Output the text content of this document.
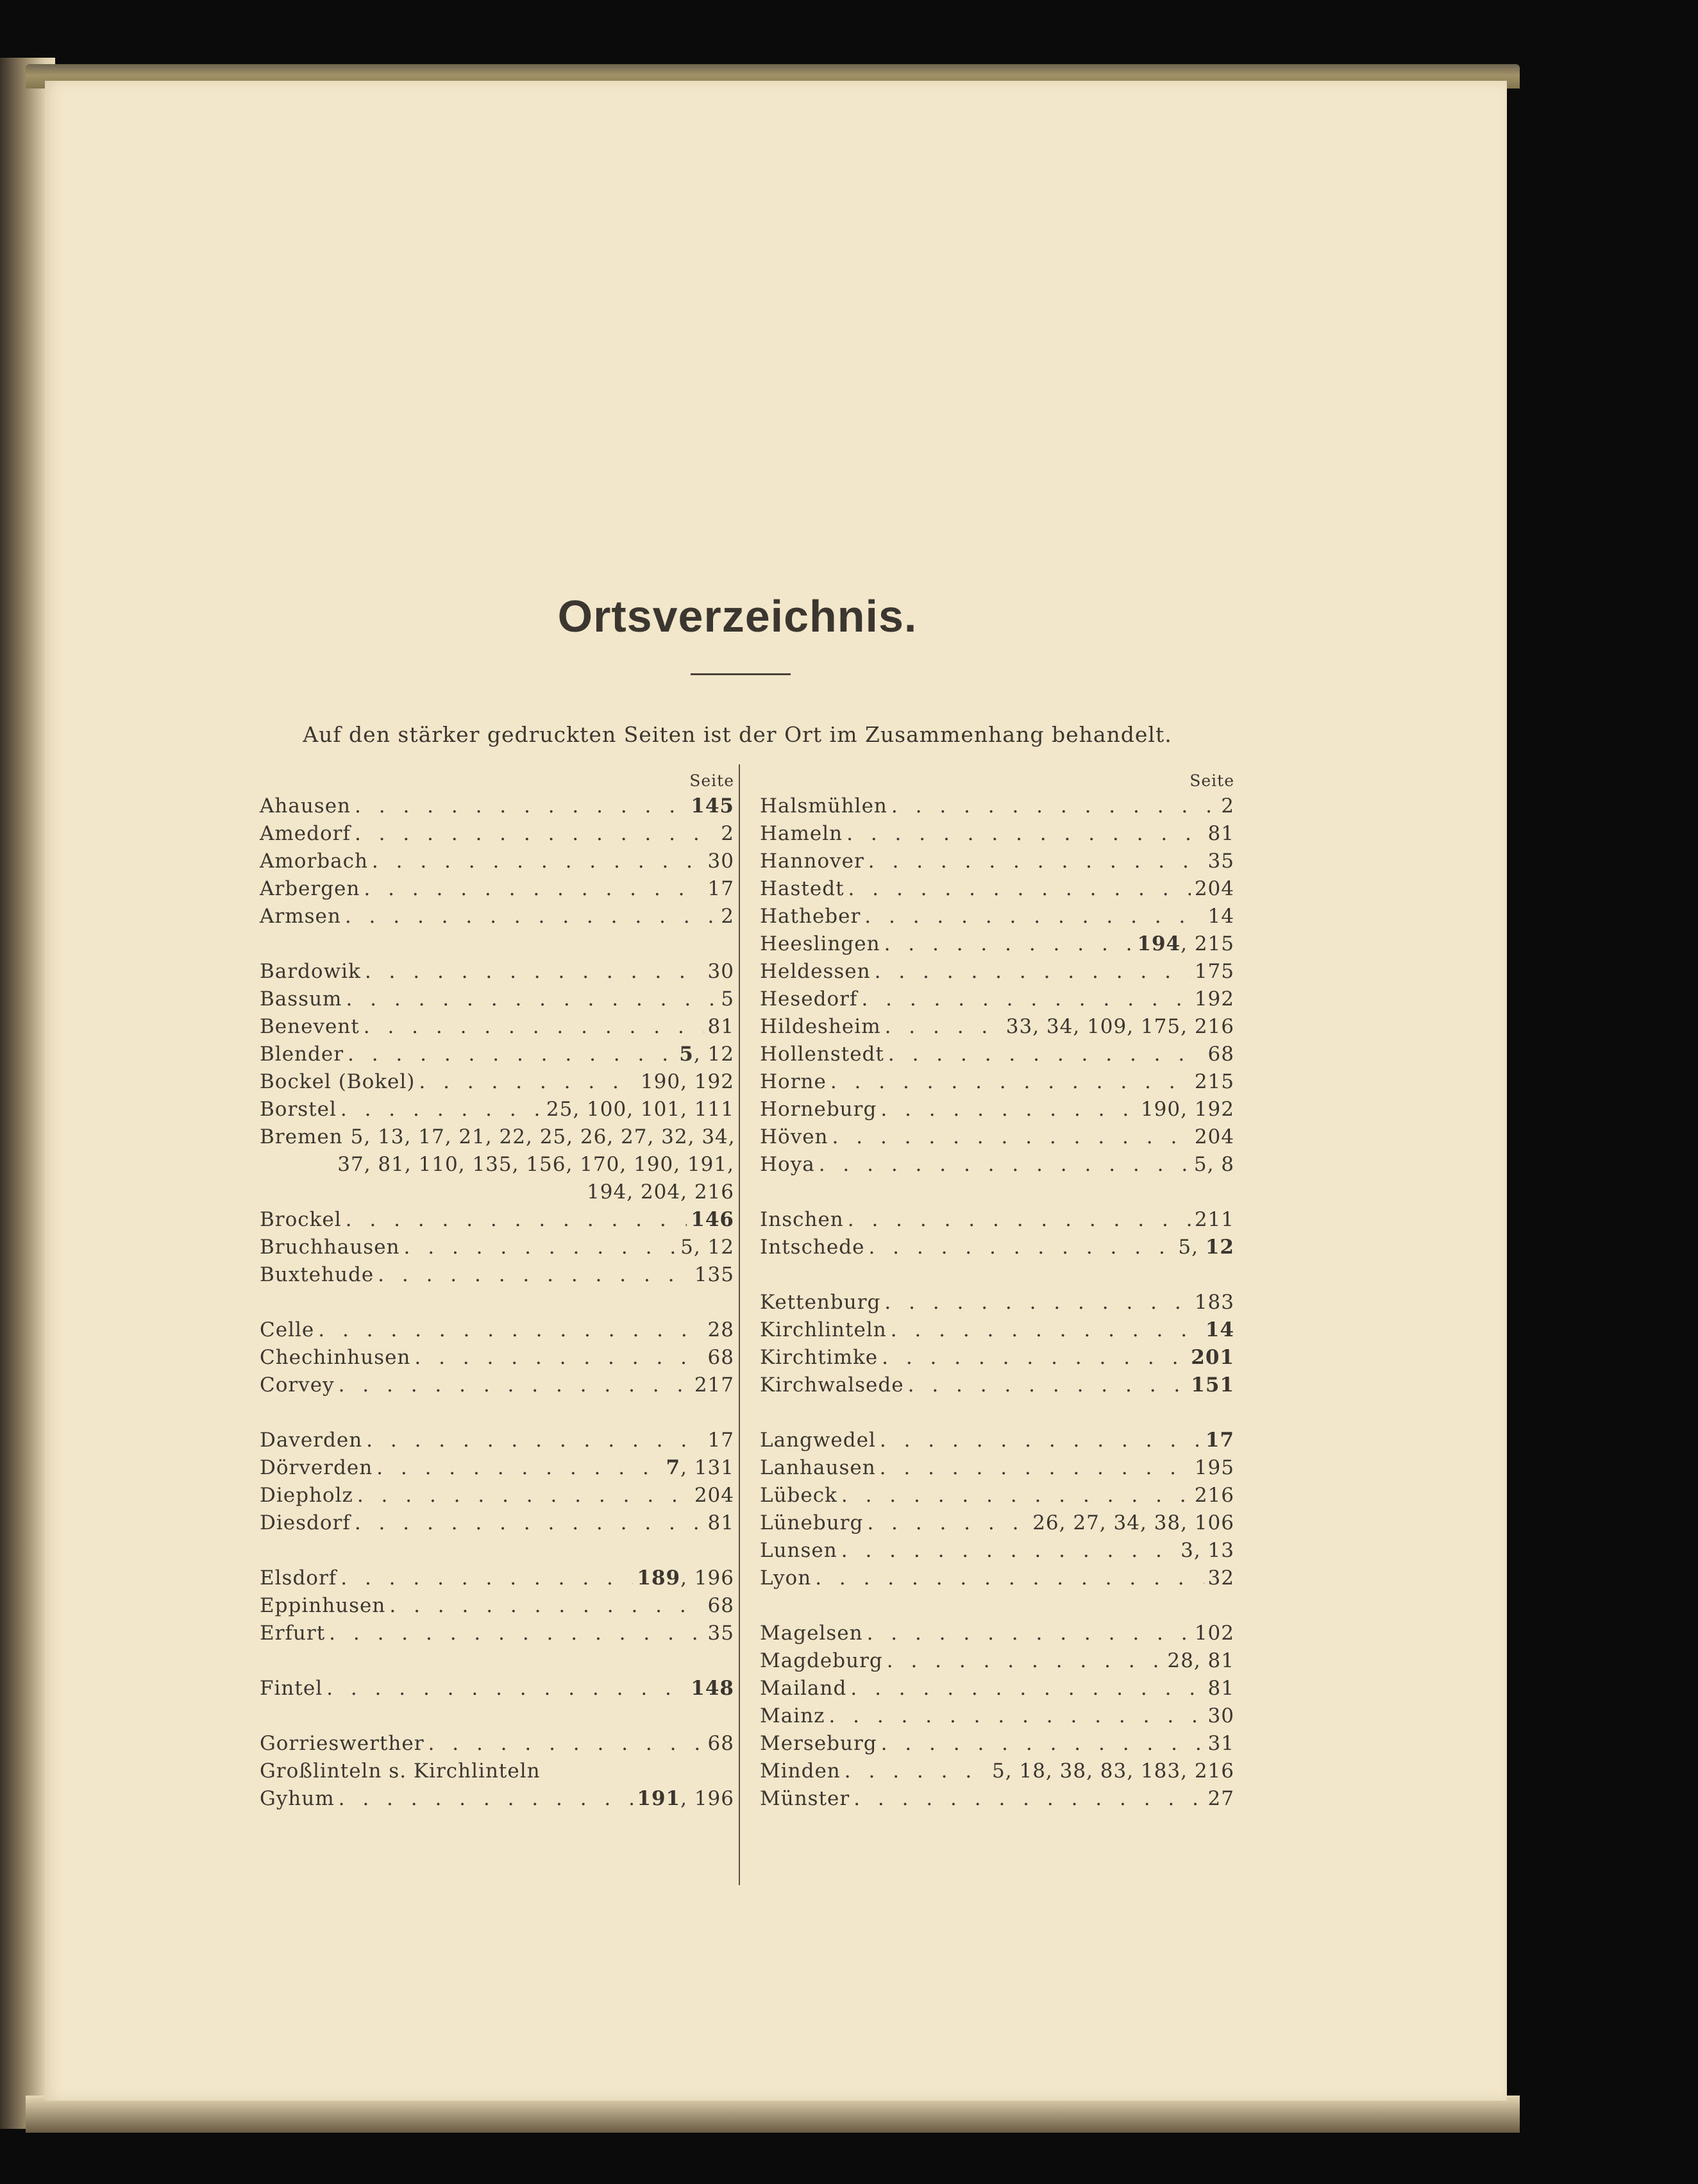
Ortsverzeichnis.

Auf den stärker gedruckten Seiten ist der Ort im Zusammenhang behandelt.

Seite
Ahausen . . .	145
Amedorf . . .	2
Amorbach . . .	30
Arbergen . . .	17
Armsen . . .	2
Bardowik . . .	30
Bassum . . .	5
Benevent . . .	81
Blender . . .	5, 12
Bockel (Bokel) . . .	190, 192
Borstel . . .	25, 100, 101, 111
Bremen 5, 13, 17, 21, 22, 25, 26, 27, 32, 34,
37, 81, 110, 135, 156, 170, 190, 191,
194, 204, 216
Brockel . . .	146
Bruchhausen . . .	5, 12
Buxtehude . . .	135
Celle . . .	28
Chechinhusen . . .	68
Corvey . . .	217
Daverden . . .	17
Dörverden . . .	7, 131
Diepholz . . .	204
Diesdorf . . .	81
Elsdorf . . .	189, 196
Eppinhusen . . .	68
Erfurt . . .	35
Fintel . . .	148
Gorrieswerther . . .	68
Großlinteln s. Kirchlinteln
Gyhum . . .	191, 196
Seite
Halsmühlen . . .	2
Hameln . . .	81
Hannover . . .	35
Hastedt . . .	204
Hatheber . . .	14
Heeslingen . . .	194, 215
Heldessen . . .	175
Hesedorf . . .	192
Hildesheim . . .	33, 34, 109, 175, 216
Hollenstedt . . .	68
Horne . . .	215
Horneburg . . .	190, 192
Höven . . .	204
Hoya . . .	5, 8
Inschen . . .	211
Intschede . . .	5, 12
Kettenburg . . .	183
Kirchlinteln . . .	14
Kirchtimke . . .	201
Kirchwalsede . . .	151
Langwedel . . .	17
Lanhausen . . .	195
Lübeck . . .	216
Lüneburg . . .	26, 27, 34, 38, 106
Lunsen . . .	3, 13
Lyon . . .	32
Magelsen . . .	102
Magdeburg . . .	28, 81
Mailand . . .	81
Mainz . . .	30
Merseburg . . .	31
Minden . . .	5, 18, 38, 83, 183, 216
Münster . . .	27
